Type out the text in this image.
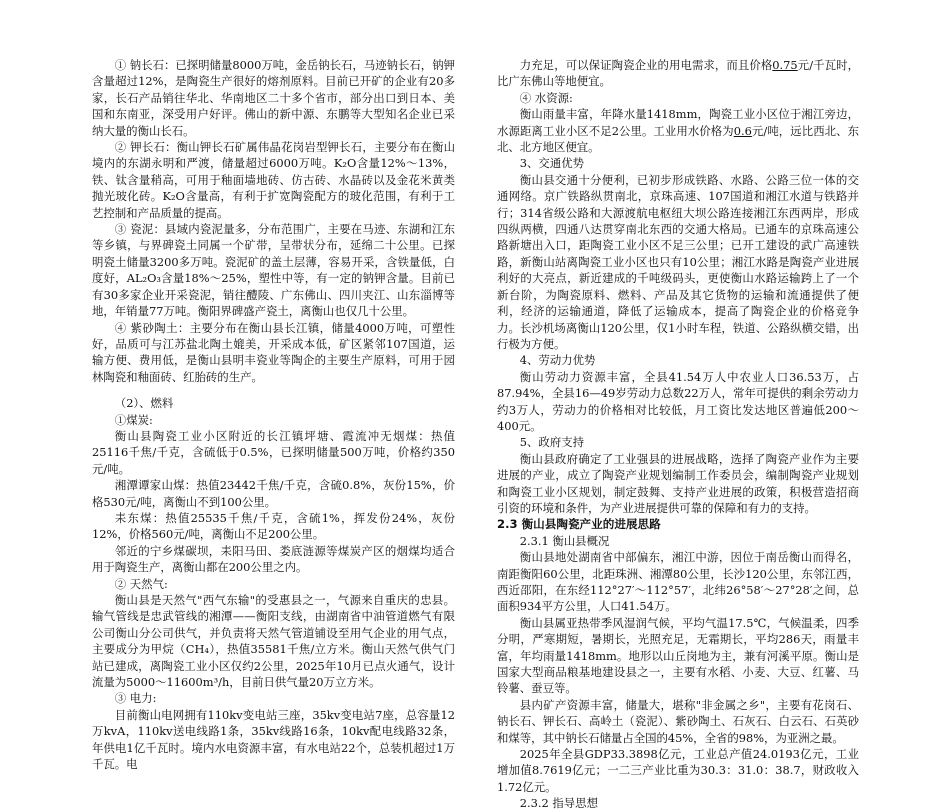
① 钠长石：已探明储量8000万吨，金岳钠长石，马迹钠长石，钠钾含量超过12%，是陶瓷生产很好的熔剂原料。目前已开矿的企业有20多家，长石产品销往华北、华南地区二十多个省市，部分出口到日本、美国和东南亚，深受用户好评。佛山的新中源、东鹏等大型知名企业已采纳大量的衡山长石。

② 钾长石：衡山钾长石矿属伟晶花岗岩型钾长石，主要分布在衡山境内的东湖永明和严渡，储量超过6000万吨。K₂O含量12%～13%，铁、钛含量稍高，可用于釉面墙地砖、仿古砖、水晶砖以及金花米黄类抛光玻化砖。K₂O含量高，有利于扩宽陶瓷配方的玻化范围，有利于工艺控制和产品质量的提高。

③ 瓷泥：县域内瓷泥量多，分布范围广，主要在马迹、东湖和江东等乡镇，与界碑瓷土同属一个矿带，呈带状分布，延绵二十公里。已探明瓷土储量3200多万吨。瓷泥矿的盖土层薄，容易开采，含铁量低，白度好，AL₂O₃含量18%～25%，塑性中等，有一定的钠钾含量。目前已有30多家企业开采瓷泥，销往醴陵、广东佛山、四川夹江、山东淄博等地，年销量77万吨。衡阳界碑盛产瓷土，离衡山也仅几十公里。

④ 紫砂陶土：主要分布在衡山县长江镇，储量4000万吨，可塑性好，品质可与江苏盐北陶土媲美，开采成本低，矿区紧邻107国道，运输方便、费用低，是衡山县明丰瓷业等陶企的主要生产原料，可用于园林陶瓷和釉面砖、红胎砖的生产。

（2）、燃料

①煤炭:

衡山县陶瓷工业小区附近的长江镇坪塘、霞流冲无烟煤：热值25116千焦/千克，含硫低于0.5%，已探明储量500万吨，价格约350元/吨。

湘潭谭家山煤：热值23442千焦/千克，含硫0.8%，灰份15%，价格530元/吨，离衡山不到100公里。

耒东煤：热值25535千焦/千克，含硫1%，挥发份24%，灰份12%，价格560元/吨，离衡山不足200公里。

邻近的宁乡煤碳坝，耒阳马田、娄底涟源等煤炭产区的烟煤均适合用于陶瓷生产，离衡山都在200公里之内。

② 天然气:

衡山县是天然气"西气东输"的受惠县之一，气源来自重庆的忠县。输气管线是忠武管线的湘潭——衡阳支线，由湖南省中油管道燃气有限公司衡山分公司供气，并负责将天然气管道铺设至用气企业的用气点，主要成分为甲烷（CH₄），热值35581千焦/立方米。衡山天然气供气门站已建成，离陶瓷工业小区仅约2公里，2025年10月已点火通气，设计流量为5000～11600m³/h，目前日供气量20万立方米。

③ 电力:

目前衡山电网拥有110kv变电站三座，35kv变电站7座，总容量12万kvA，110kv送电线路1条，35kv线路16条，10kv配电线路32条，年供电1亿千瓦时。境内水电资源丰富，有水电站22个，总装机超过1万千瓦。电

力充足，可以保证陶瓷企业的用电需求，而且价格0.75元/千瓦时，比广东佛山等地便宜。

④ 水资源:

衡山雨量丰富，年降水量1418mm，陶瓷工业小区位于湘江旁边，水源距离工业小区不足2公里。工业用水价格为0.6元/吨，远比西北、东北、北方地区便宜。

3、交通优势

衡山县交通十分便利，已初步形成铁路、水路、公路三位一体的交通网络。京广铁路纵贯南北，京珠高速、107国道和湘江水道与铁路并行；314省级公路和大源渡航电枢纽大坝公路连接湘江东西两岸，形成四纵两横，四通八达贯穿南北东西的交通大格局。已通车的京珠高速公路新塘出入口，距陶瓷工业小区不足三公里；已开工建设的武广高速铁路，新衡山站离陶瓷工业小区也只有10公里；湘江水路是陶瓷产业进展利好的大亮点，新近建成的千吨级码头，更使衡山水路运输跨上了一个新台阶，为陶瓷原料、燃料、产品及其它货物的运输和流通提供了便利，经济的运输通道，降低了运输成本，提高了陶瓷企业的价格竞争力。长沙机场离衡山120公里，仅1小时车程，铁道、公路纵横交错，出行极为方便。

4、劳动力优势

衡山劳动力资源丰富，全县41.54万人中农业人口36.53万，占87.94%，全县16—49岁劳动力总数22万人，常年可提供的剩余劳动力约3万人，劳动力的价格相对比较低，月工资比发达地区普遍低200～400元。

5、政府支持

衡山县政府确定了工业强县的进展战略，选择了陶瓷产业作为主要进展的产业，成立了陶瓷产业规划编制工作委员会，编制陶瓷产业规划和陶瓷工业小区规划，制定鼓舞、支持产业进展的政策，积极营造招商引资的环境和条件，为产业进展提供可靠的保障和有力的支持。

2.3 衡山县陶瓷产业的进展思路

2.3.1 衡山县概况

衡山县地处湖南省中部偏东，湘江中游，因位于南岳衡山而得名，南距衡阳60公里，北距珠洲、湘潭80公里，长沙120公里，东邻江西，西近邵阳，在东经112°27′～112°57′，北纬26°58′～27°28′之间，总面积934平方公里，人口41.54万。

衡山县属亚热带季风湿润气候，平均气温17.5℃，气候温柔，四季分明，严寒期短，暑期长，光照充足，无霜期长，平均286天，雨量丰富，年均雨量1418mm。地形以山丘岗地为主，兼有河溪平原。衡山是国家大型商品粮基地建设县之一，主要有水稻、小麦、大豆、红薯、马铃薯、蚕豆等。

县内矿产资源丰富，储量大，堪称"非金属之乡"，主要有花岗石、钠长石、钾长石、高岭土（瓷泥）、紫砂陶土、石灰石、白云石、石英砂和煤等，其中钠长石储量占全国的45%，全省的98%，为亚洲之最。

2025年全县GDP33.3898亿元，工业总产值24.0193亿元，工业增加值8.7619亿元；一二三产业比重为30.3：31.0：38.7，财政收入1.72亿元。

2.3.2 指导思想
